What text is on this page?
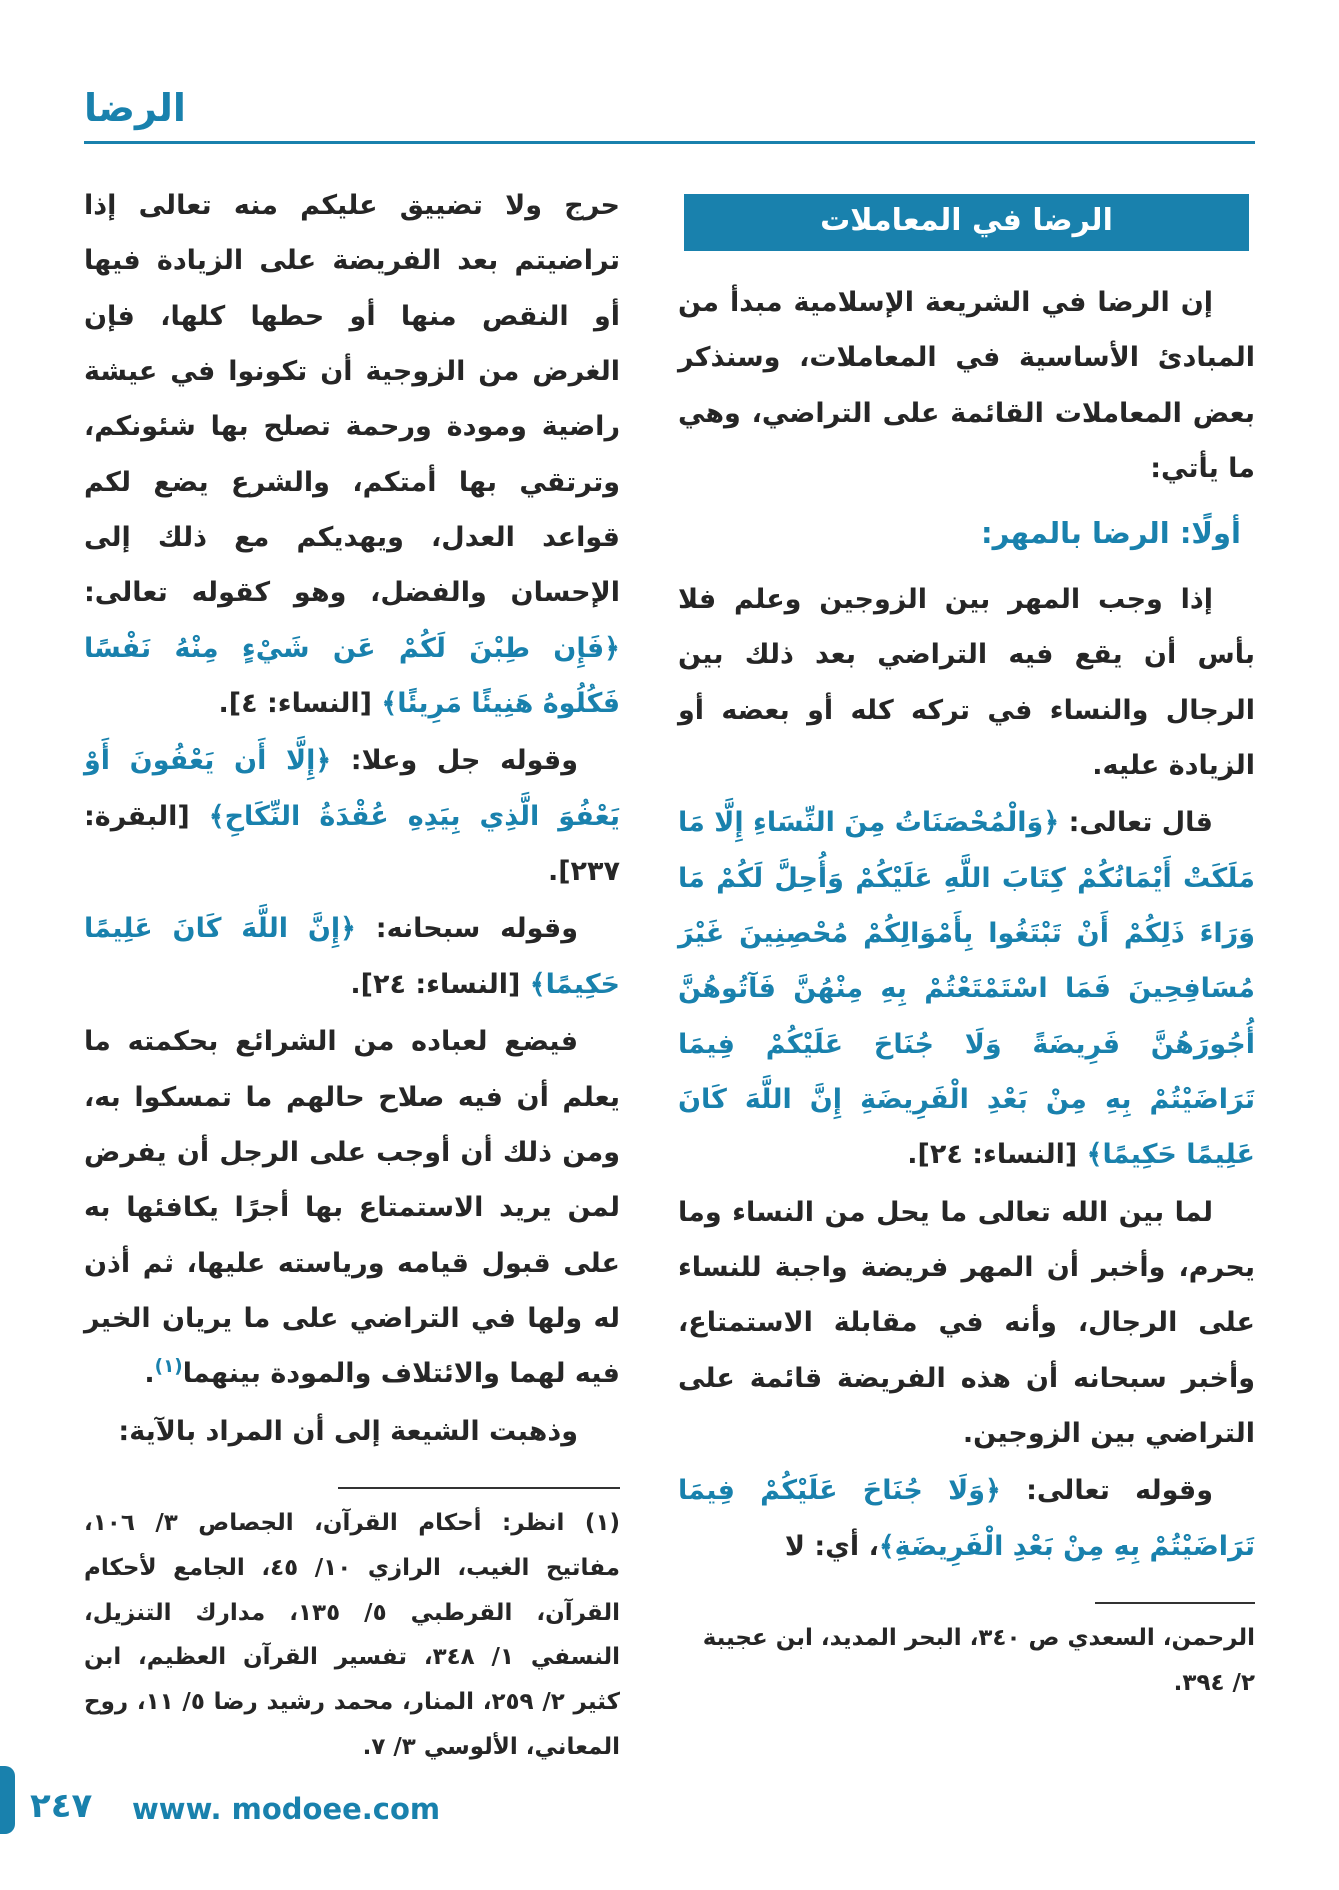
الرضا
الرضا في المعاملات
إن الرضا في الشريعة الإسلامية مبدأ من المبادئ الأساسية في المعاملات، وسنذكر بعض المعاملات القائمة على التراضي، وهي ما يأتي:
أولًا: الرضا بالمهر:
إذا وجب المهر بين الزوجين وعلم فلا بأس أن يقع فيه التراضي بعد ذلك بين الرجال والنساء في تركه كله أو بعضه أو الزيادة عليه.
قال تعالى: ﴿وَالْمُحْصَنَاتُ مِنَ النِّسَاءِ إِلَّا مَا مَلَكَتْ أَيْمَانُكُمْ كِتَابَ اللَّهِ عَلَيْكُمْ وَأُحِلَّ لَكُمْ مَا وَرَاءَ ذَلِكُمْ أَنْ تَبْتَغُوا بِأَمْوَالِكُمْ مُحْصِنِينَ غَيْرَ مُسَافِحِينَ فَمَا اسْتَمْتَعْتُمْ بِهِ مِنْهُنَّ فَآتُوهُنَّ أُجُورَهُنَّ فَرِيضَةً وَلَا جُنَاحَ عَلَيْكُمْ فِيمَا تَرَاضَيْتُمْ بِهِ مِنْ بَعْدِ الْفَرِيضَةِ إِنَّ اللَّهَ كَانَ عَلِيمًا حَكِيمًا﴾ [النساء: ٢٤].
لما بين الله تعالى ما يحل من النساء وما يحرم، وأخبر أن المهر فريضة واجبة للنساء على الرجال، وأنه في مقابلة الاستمتاع، وأخبر سبحانه أن هذه الفريضة قائمة على التراضي بين الزوجين.
وقوله تعالى: ﴿وَلَا جُنَاحَ عَلَيْكُمْ فِيمَا تَرَاضَيْتُمْ بِهِ مِنْ بَعْدِ الْفَرِيضَةِ﴾، أي: لا
الرحمن، السعدي ص ٣٤٠، البحر المديد، ابن عجيبة ٢/ ٣٩٤.
حرج ولا تضييق عليكم منه تعالى إذا تراضيتم بعد الفريضة على الزيادة فيها أو النقص منها أو حطها كلها، فإن الغرض من الزوجية أن تكونوا في عيشة راضية ومودة ورحمة تصلح بها شئونكم، وترتقي بها أمتكم، والشرع يضع لكم قواعد العدل، ويهديكم مع ذلك إلى الإحسان والفضل، وهو كقوله تعالى: ﴿فَإِن طِبْنَ لَكُمْ عَن شَيْءٍ مِنْهُ نَفْسًا فَكُلُوهُ هَنِيئًا مَرِيئًا﴾ [النساء: ٤].
وقوله جل وعلا: ﴿إِلَّا أَن يَعْفُونَ أَوْ يَعْفُوَ الَّذِي بِيَدِهِ عُقْدَةُ النِّكَاحِ﴾ [البقرة: ٢٣٧].
وقوله سبحانه: ﴿إِنَّ اللَّهَ كَانَ عَلِيمًا حَكِيمًا﴾ [النساء: ٢٤].
فيضع لعباده من الشرائع بحكمته ما يعلم أن فيه صلاح حالهم ما تمسكوا به، ومن ذلك أن أوجب على الرجل أن يفرض لمن يريد الاستمتاع بها أجرًا يكافئها به على قبول قيامه ورياسته عليها، ثم أذن له ولها في التراضي على ما يريان الخير فيه لهما والائتلاف والمودة بينهما$^{(١)}$.
وذهبت الشيعة إلى أن المراد بالآية:
(١) انظر: أحكام القرآن، الجصاص ٣/ ١٠٦، مفاتيح الغيب، الرازي ١٠/ ٤٥، الجامع لأحكام القرآن، القرطبي ٥/ ١٣٥، مدارك التنزيل، النسفي ١/ ٣٤٨، تفسير القرآن العظيم، ابن كثير ٢/ ٢٥٩، المنار، محمد رشيد رضا ٥/ ١١، روح المعاني، الألوسي ٣/ ٧.
٢٤٧ www. modoee.com
